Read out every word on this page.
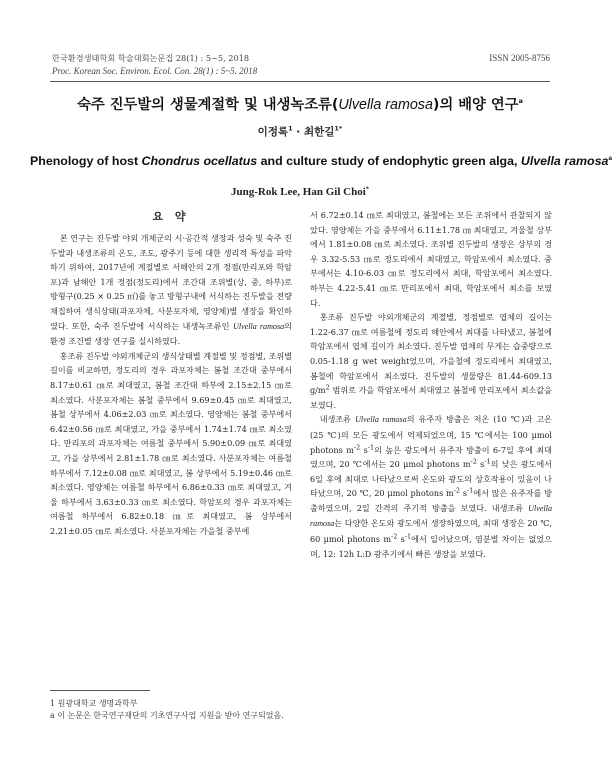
한국환경생태학회 학술대회논문집 28(1) : 5~5, 2018	ISSN 2005-8756
Proc. Korean Soc. Environ. Ecol. Con. 28(1) : 5~5. 2018
숙주 진두발의 생물계절학 및 내생녹조류(Ulvella ramosa)의 배양 연구$^a$
이정록$^1$ · 최한길$^{1*}$
Phenology of host Chondrus ocellatus and culture study of endophytic green alga, Ulvella ramosa$^a$
Jung-Rok Lee, Han Gil Choi*
요 약

본 연구는 진두발 야외 개체군의 시·공간적 생장과 성숙 및 숙주 진두발과 내생조류의 온도, 조도, 광주기 등에 대한 생리적 특성을 파악하기 위하여, 2017년에 계절별로 서해안의 2개 정점(만리포와 학암포)과 남해안 1개 정점(정도리)에서 조간대 조위별(상, 중, 하부)로 방형구(0.25 × 0.25 ㎡)를 놓고 방형구내에 서식하는 진두발을 전량 채집하여 생식상태(과포자체, 사분포자체, 영양체)별 생장을 확인하였다. 또한, 숙주 진두발에 서식하는 내생녹조류인 Ulvella ramosa의 환경 조건별 생장 연구를 실시하였다.

홍조류 진두발 야외개체군의 생식상태별 계절별 및 정점별, 조위별 길이를 비교하면, 정도리의 경우 과포자체는 봄철 조간대 중부에서 8.17±0.61 ㎝로 최대였고, 봄철 조간대 하부에 2.15±2.15 ㎝로 최소였다. 사분포자체는 봄철 중부에서 9.69±0.45 ㎝로 최대였고, 봄철 상부에서 4.06±2.03 ㎝로 최소였다. 영양체는 봄철 중부에서 6.42±0.56 ㎝로 최대였고, 가을 중부에서 1.74±1.74 ㎝로 최소였다. 만리포의 과포자체는 여름철 중부에서 5.90±0.09 ㎝로 최대였고, 가을 상부에서 2.81±1.78 ㎝로 최소였다. 사분포자체는 여름철 하부에서 7.12±0.08 ㎝로 최대였고, 봄 상부에서 5.19±0.46 ㎝로 최소였다. 영양체는 여름철 하부에서 6.86±0.33 ㎝로 최대였고, 겨울 하부에서 3.63±0.33 ㎝로 최소였다. 학암포의 경우 과포자체는 여름철 하부에서 6.82±0.18 ㎝로 최대였고, 봄 상부에서 2.21±0.05 ㎝로 최소였다. 사분포자체는 가을철 중부에

서 6.72±0.14 ㎝로 최대였고, 봄철에는 모든 조위에서 관찰되지 않았다. 영양체는 가을 중부에서 6.11±1.78 ㎝ 최대였고, 겨울철 상부에서 1.81±0.08 ㎝로 최소였다. 조위별 진두발의 생장은 상부의 경우 3.32-5.53 ㎝로 정도리에서 최대였고, 학암포에서 최소였다. 중부에서는 4.10-6.03 ㎝로 정도리에서 최대, 학암포에서 최소였다. 하부는 4.22-5.41 ㎝로 만리포에서 최대, 학암포에서 최소를 보였다.

홍조류 진두발 야외개체군의 계절별, 정점별로 엽체의 길이는 1.22-6.37 ㎝로 여름철에 정도리 해안에서 최대를 나타냈고, 봄철에 학암포에서 엽체 길이가 최소였다. 진두발 엽체의 무게는 습중량으로 0.05-1.18 g wet weight었으며, 가을철에 정도리에서 최대였고, 봄철에 학암포에서 최소였다. 진두발의 생물량은 81.44-609.13 $g/m^2$ 범위로 가을 학암포에서 최대였고 봄철에 만리포에서 최소값을 보였다.

내생조류 Ulvella ramosa의 유주자 방출은 저온 (10 ℃)과 고온 (25 ℃)의 모든 광도에서 억제되었으며, 15 ℃에서는 100 μmol photons $m^{-2}$ $s^{-1}$의 높은 광도에서 유주자 방출이 6-7일 후에 최대였으며, 20 ℃에서는 20 μmol photons $m^{-2}$ $s^{-1}$의 낮은 광도에서 6일 후에 최대로 나타났으로써 온도와 광도의 상호작용이 있음이 나타났으며, 20 ℃, 20 μmol photons $m^{-2}$ $s^{-1}$에서 많은 유주자를 방출하였으며, 2일 간격의 주기적 방출을 보였다. 내생조류 Ulvella ramosa는 다양한 온도와 광도에서 생장하였으며, 최대 생장은 20 ℃, 60 μmol photons $m^{-2}$ $s^{-1}$에서 일어났으며, 염분별 차이는 없었으며, 12: 12h L:D 광주기에서 빠른 생장을 보였다.

1 원광대학교 생명과학부
a 이 논문은 한국연구재단의 기초연구사업 지원을 받아 연구되었음.
